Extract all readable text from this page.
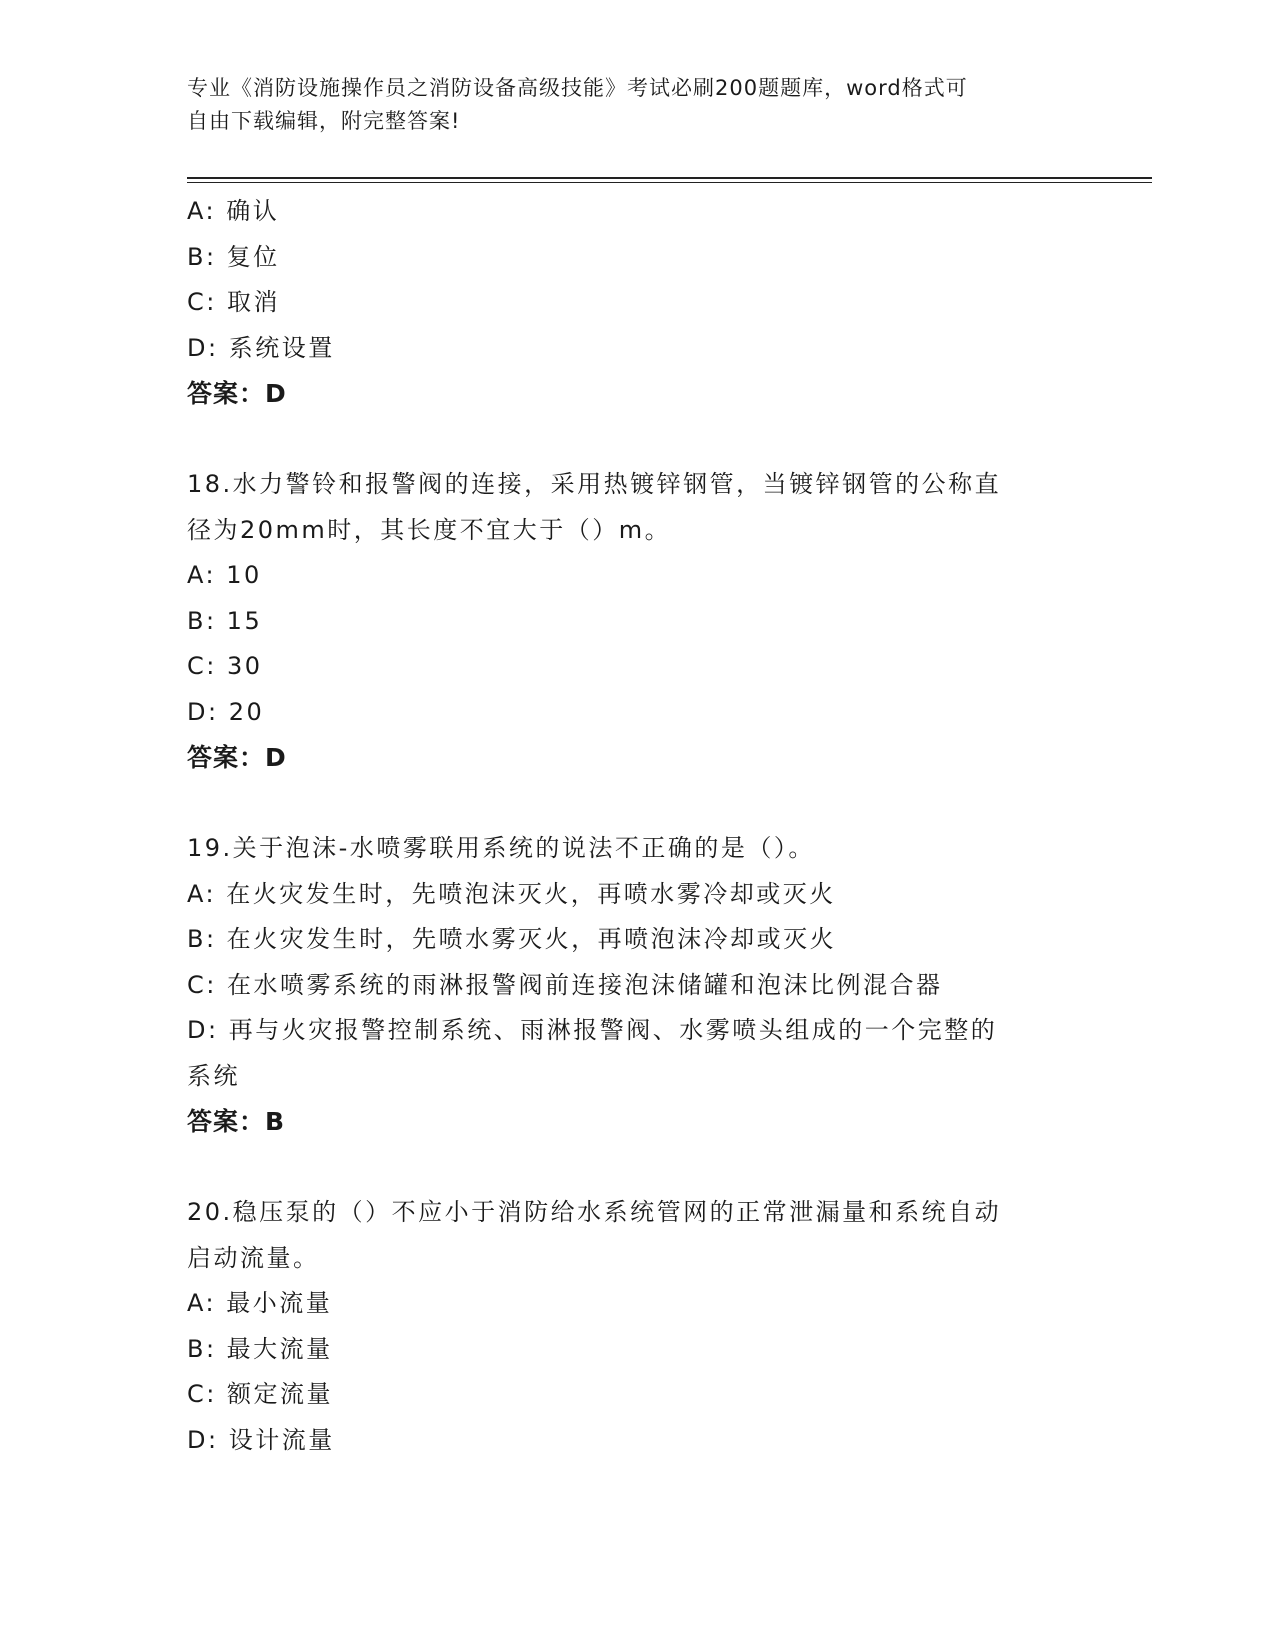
专业《消防设施操作员之消防设备高级技能》考试必刷200题题库，word格式可
自由下载编辑，附完整答案!
A: 确认
B: 复位
C: 取消
D: 系统设置
答案：D
18.水力警铃和报警阀的连接，采用热镀锌钢管，当镀锌钢管的公称直
径为20mm时，其长度不宜大于（）m。
A: 10
B: 15
C: 30
D: 20
答案：D
19.关于泡沫-水喷雾联用系统的说法不正确的是（）。
A: 在火灾发生时，先喷泡沫灭火，再喷水雾冷却或灭火
B: 在火灾发生时，先喷水雾灭火，再喷泡沫冷却或灭火
C: 在水喷雾系统的雨淋报警阀前连接泡沫储罐和泡沫比例混合器
D: 再与火灾报警控制系统、雨淋报警阀、水雾喷头组成的一个完整的
系统
答案：B
20.稳压泵的（）不应小于消防给水系统管网的正常泄漏量和系统自动
启动流量。
A: 最小流量
B: 最大流量
C: 额定流量
D: 设计流量
